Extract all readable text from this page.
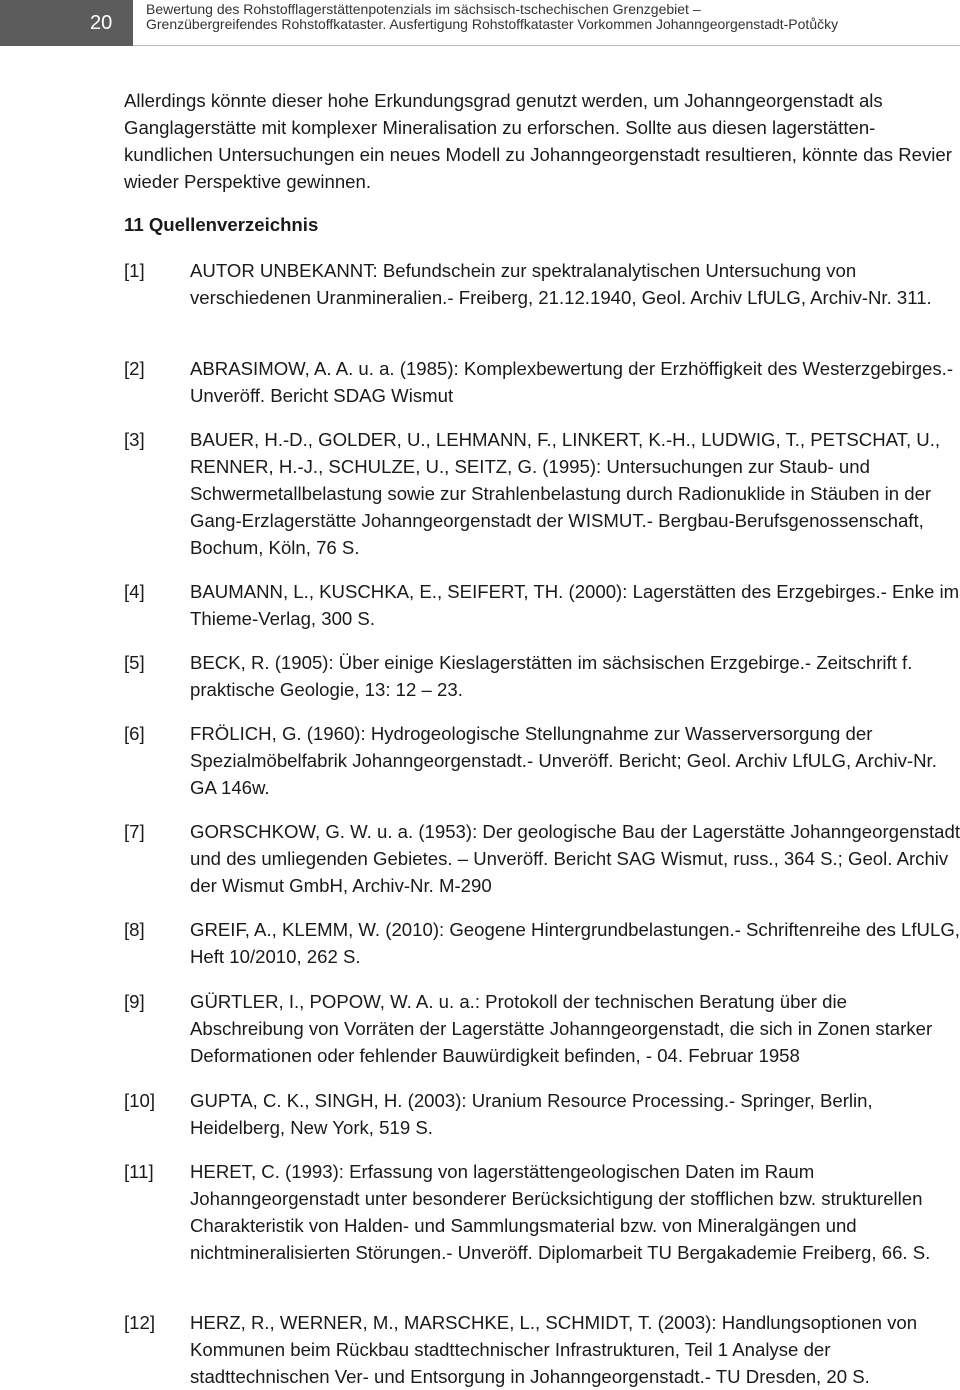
20
Bewertung des Rohstofflagerstättenpotenzials im sächsisch-tschechischen Grenzgebiet –
Grenzübergreifendes Rohstoffkataster. Ausfertigung Rohstoffkataster Vorkommen Johanngeorgenstadt-Potůčky

Allerdings könnte dieser hohe Erkundungsgrad genutzt werden, um Johanngeorgenstadt als Ganglagerstätte mit komplexer Mineralisation zu erforschen. Sollte aus diesen lagerstätten-kundlichen Untersuchungen ein neues Modell zu Johanngeorgenstadt resultieren, könnte das Revier wieder Perspektive gewinnen.

11 Quellenverzeichnis
[1]	AUTOR UNBEKANNT: Befundschein zur spektralanalytischen Untersuchung von verschiedenen Uranmineralien.- Freiberg, 21.12.1940, Geol. Archiv LfULG, Archiv-Nr. 311.
[2]	ABRASIMOW, A. A. u. a. (1985): Komplexbewertung der Erzhöffigkeit des Westerzgebirges.- Unveröff. Bericht SDAG Wismut
[3]	BAUER, H.-D., GOLDER, U., LEHMANN, F., LINKERT, K.-H., LUDWIG, T., PETSCHAT, U., RENNER, H.-J., SCHULZE, U., SEITZ, G. (1995): Untersuchungen zur Staub- und Schwermetallbelastung sowie zur Strahlenbelastung durch Radionuklide in Stäuben in der Gang-Erzlagerstätte Johanngeorgenstadt der WISMUT.- Bergbau-Berufsgenossenschaft, Bochum, Köln, 76 S.
[4]	BAUMANN, L., KUSCHKA, E., SEIFERT, TH. (2000): Lagerstätten des Erzgebirges.- Enke im Thieme-Verlag, 300 S.
[5]	BECK, R. (1905): Über einige Kieslagerstätten im sächsischen Erzgebirge.- Zeitschrift f. praktische Geologie, 13: 12 – 23.
[6]	FRÖLICH, G. (1960): Hydrogeologische Stellungnahme zur Wasserversorgung der Spezialmöbelfabrik Johanngeorgenstadt.- Unveröff. Bericht; Geol. Archiv LfULG, Archiv-Nr. GA 146w.
[7]	GORSCHKOW, G. W. u. a. (1953): Der geologische Bau der Lagerstätte Johanngeorgenstadt und des umliegenden Gebietes. – Unveröff. Bericht SAG Wismut, russ., 364 S.; Geol. Archiv der Wismut GmbH, Archiv-Nr. M-290
[8]	GREIF, A., KLEMM, W. (2010): Geogene Hintergrundbelastungen.- Schriftenreihe des LfULG, Heft 10/2010, 262 S.
[9]	GÜRTLER, I., POPOW, W. A. u. a.: Protokoll der technischen Beratung über die Abschreibung von Vorräten der Lagerstätte Johanngeorgenstadt, die sich in Zonen starker Deformationen oder fehlender Bauwürdigkeit befinden, - 04. Februar 1958
[10]	GUPTA, C. K., SINGH, H. (2003): Uranium Resource Processing.- Springer, Berlin, Heidelberg, New York, 519 S.
[11]	HERET, C. (1993): Erfassung von lagerstättengeologischen Daten im Raum Johanngeorgenstadt unter besonderer Berücksichtigung der stofflichen bzw. strukturellen Charakteristik von Halden- und Sammlungsmaterial bzw. von Mineralgängen und nichtmineralisierten Störungen.- Unveröff. Diplomarbeit TU Bergakademie Freiberg, 66. S.
[12]	HERZ, R., WERNER, M., MARSCHKE, L., SCHMIDT, T. (2003): Handlungsoptionen von Kommunen beim Rückbau stadttechnischer Infrastrukturen, Teil 1 Analyse der stadttechnischen Ver- und Entsorgung in Johanngeorgenstadt.- TU Dresden, 20 S.
